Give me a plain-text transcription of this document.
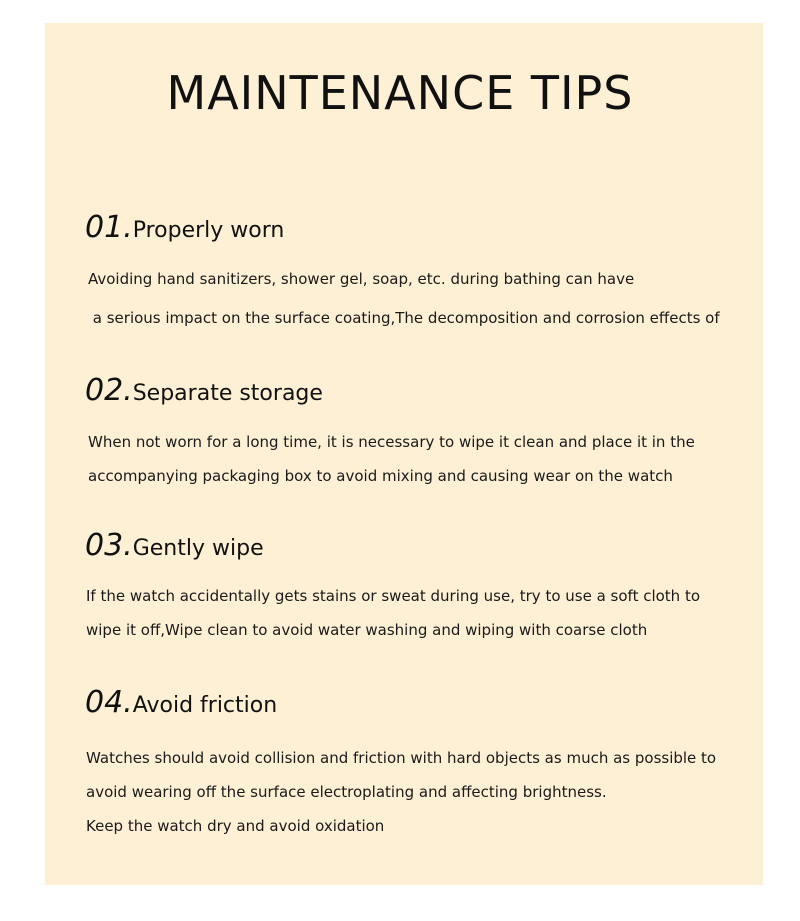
MAINTENANCE TIPS
01.Properly worn

Avoiding hand sanitizers, shower gel, soap, etc. during bathing can have

a serious impact on the surface coating,The decomposition and corrosion effects of

02.Separate storage

When not worn for a long time, it is necessary to wipe it clean and place it in the

accompanying packaging box to avoid mixing and causing wear on the watch

03.Gently wipe

If the watch accidentally gets stains or sweat during use, try to use a soft cloth to

wipe it off,Wipe clean to avoid water washing and wiping with coarse cloth

04.Avoid friction

Watches should avoid collision and friction with hard objects as much as possible to

avoid wearing off the surface electroplating and affecting brightness.

Keep the watch dry and avoid oxidation
